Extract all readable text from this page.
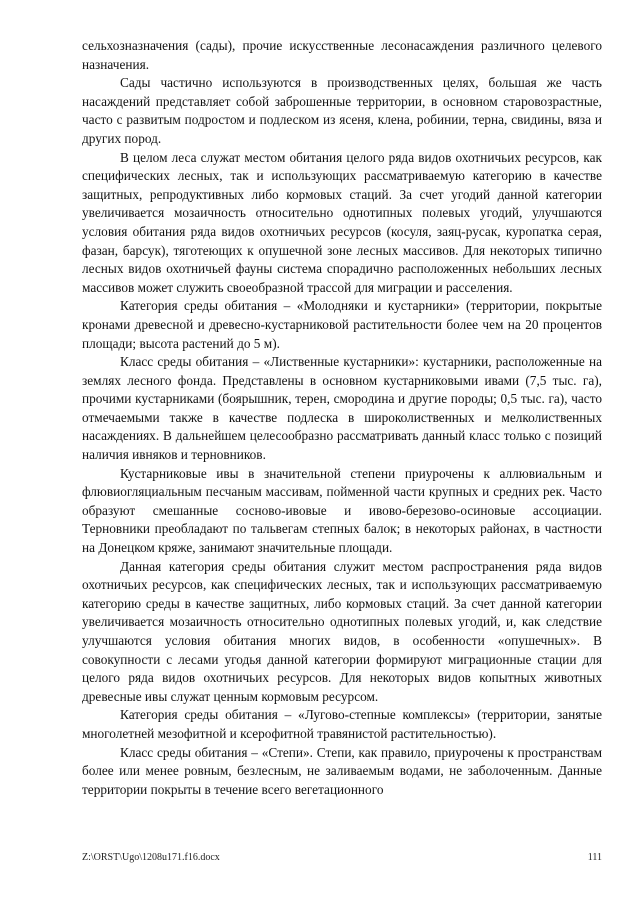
сельхозназначения (сады), прочие искусственные лесонасаждения различного целевого назначения.

Сады частично используются в производственных целях, большая же часть насаждений представляет собой заброшенные территории, в основном старовозрастные, часто с развитым подростом и подлеском из ясеня, клена, робинии, терна, свидины, вяза и других пород.

В целом леса служат местом обитания целого ряда видов охотничьих ресурсов, как специфических лесных, так и использующих рассматриваемую категорию в качестве защитных, репродуктивных либо кормовых стаций. За счет угодий данной категории увеличивается мозаичность относительно однотипных полевых угодий, улучшаются условия обитания ряда видов охотничьих ресурсов (косуля, заяц-русак, куропатка серая, фазан, барсук), тяготеющих к опушечной зоне лесных массивов. Для некоторых типично лесных видов охотничьей фауны система спорадично расположенных небольших лесных массивов может служить своеобразной трассой для миграции и расселения.

Категория среды обитания – «Молодняки и кустарники» (территории, покрытые кронами древесной и древесно-кустарниковой растительности более чем на 20 процентов площади; высота растений до 5 м).

Класс среды обитания – «Лиственные кустарники»: кустарники, расположенные на землях лесного фонда. Представлены в основном кустарниковыми ивами (7,5 тыс. га), прочими кустарниками (боярышник, терен, смородина и другие породы; 0,5 тыс. га), часто отмечаемыми также в качестве подлеска в широколиственных и мелколиственных насаждениях. В дальнейшем целесообразно рассматривать данный класс только с позиций наличия ивняков и терновников.

Кустарниковые ивы в значительной степени приурочены к аллювиальным и флювиогляциальным песчаным массивам, пойменной части крупных и средних рек. Часто образуют смешанные сосново-ивовые и ивово-березово-осиновые ассоциации. Терновники преобладают по тальвегам степных балок; в некоторых районах, в частности на Донецком кряже, занимают значительные площади.

Данная категория среды обитания служит местом распространения ряда видов охотничьих ресурсов, как специфических лесных, так и использующих рассматриваемую категорию среды в качестве защитных, либо кормовых стаций. За счет данной категории увеличивается мозаичность относительно однотипных полевых угодий, и, как следствие улучшаются условия обитания многих видов, в особенности «опушечных». В совокупности с лесами угодья данной категории формируют миграционные стации для целого ряда видов охотничьих ресурсов. Для некоторых видов копытных животных древесные ивы служат ценным кормовым ресурсом.

Категория среды обитания – «Лугово-степные комплексы» (территории, занятые многолетней мезофитной и ксерофитной травянистой растительностью).

Класс среды обитания – «Степи». Степи, как правило, приурочены к пространствам более или менее ровным, безлесным, не заливаемым водами, не заболоченным. Данные территории покрыты в течение всего вегетационного

Z:\ORST\Ugo\1208u171.f16.docx	111
